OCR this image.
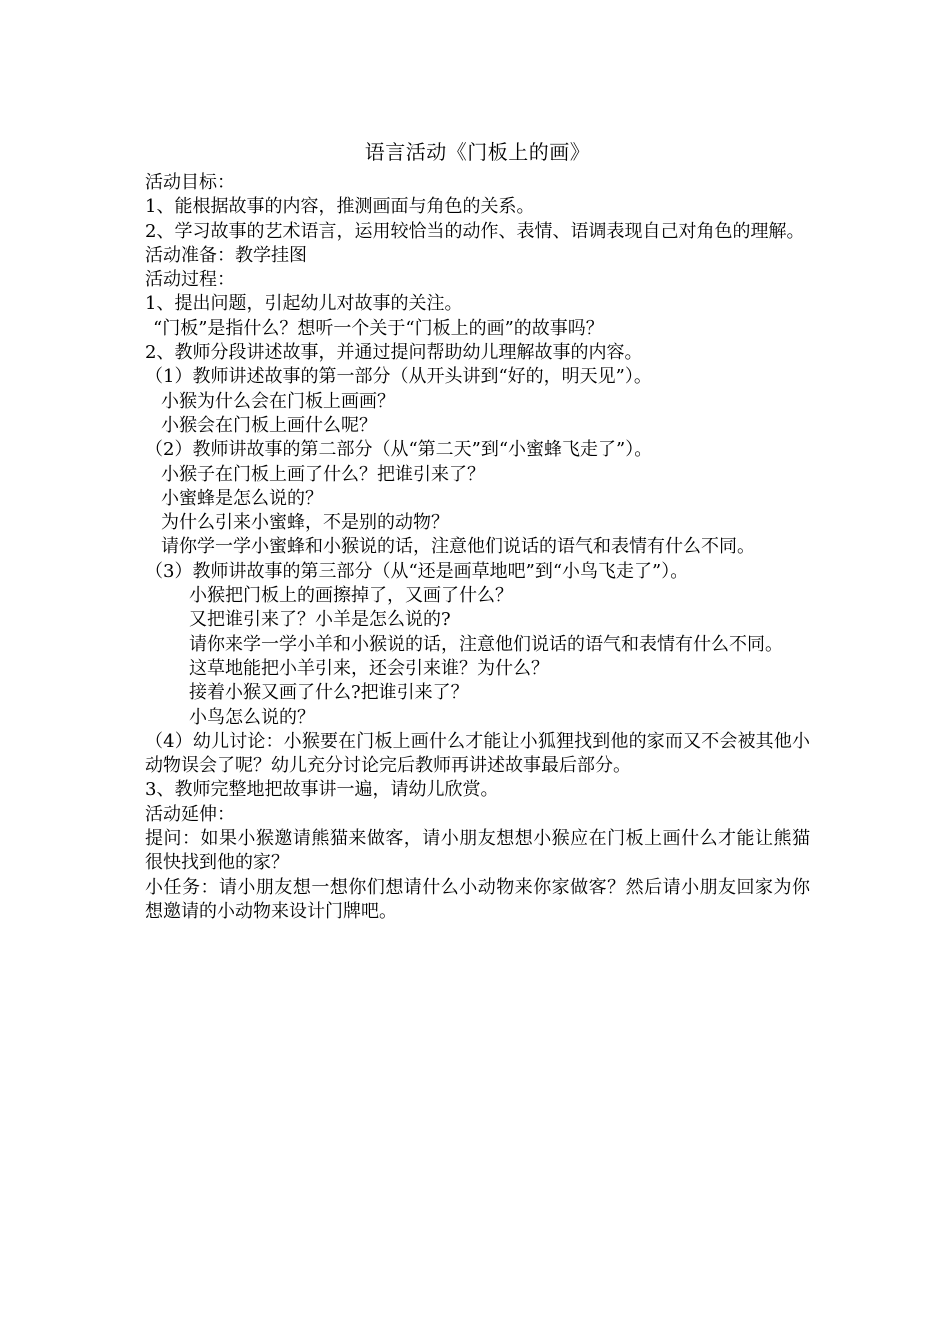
语言活动《门板上的画》

活动目标：

1、能根据故事的内容，推测画面与角色的关系。

2、学习故事的艺术语言，运用较恰当的动作、表情、语调表现自己对角色的理解。

活动准备：教学挂图

活动过程：

1、提出问题，引起幼儿对故事的关注。

“门板”是指什么？想听一个关于“门板上的画”的故事吗？

2、教师分段讲述故事，并通过提问帮助幼儿理解故事的内容。

（1）教师讲述故事的第一部分（从开头讲到“好的，明天见”）。

小猴为什么会在门板上画画？

小猴会在门板上画什么呢？

（2）教师讲故事的第二部分（从“第二天”到“小蜜蜂飞走了”）。

小猴子在门板上画了什么？把谁引来了？

小蜜蜂是怎么说的？

为什么引来小蜜蜂，不是别的动物？

请你学一学小蜜蜂和小猴说的话，注意他们说话的语气和表情有什么不同。

（3）教师讲故事的第三部分（从“还是画草地吧”到“小鸟飞走了”）。

小猴把门板上的画擦掉了，又画了什么？

又把谁引来了？小羊是怎么说的?

请你来学一学小羊和小猴说的话，注意他们说话的语气和表情有什么不同。

这草地能把小羊引来，还会引来谁？为什么？

接着小猴又画了什么?把谁引来了？

小鸟怎么说的？

（4）幼儿讨论：小猴要在门板上画什么才能让小狐狸找到他的家而又不会被其他小动物误会了呢？幼儿充分讨论完后教师再讲述故事最后部分。

3、教师完整地把故事讲一遍，请幼儿欣赏。

活动延伸：

提问：如果小猴邀请熊猫来做客，请小朋友想想小猴应在门板上画什么才能让熊猫很快找到他的家？

小任务：请小朋友想一想你们想请什么小动物来你家做客？然后请小朋友回家为你想邀请的小动物来设计门牌吧。
